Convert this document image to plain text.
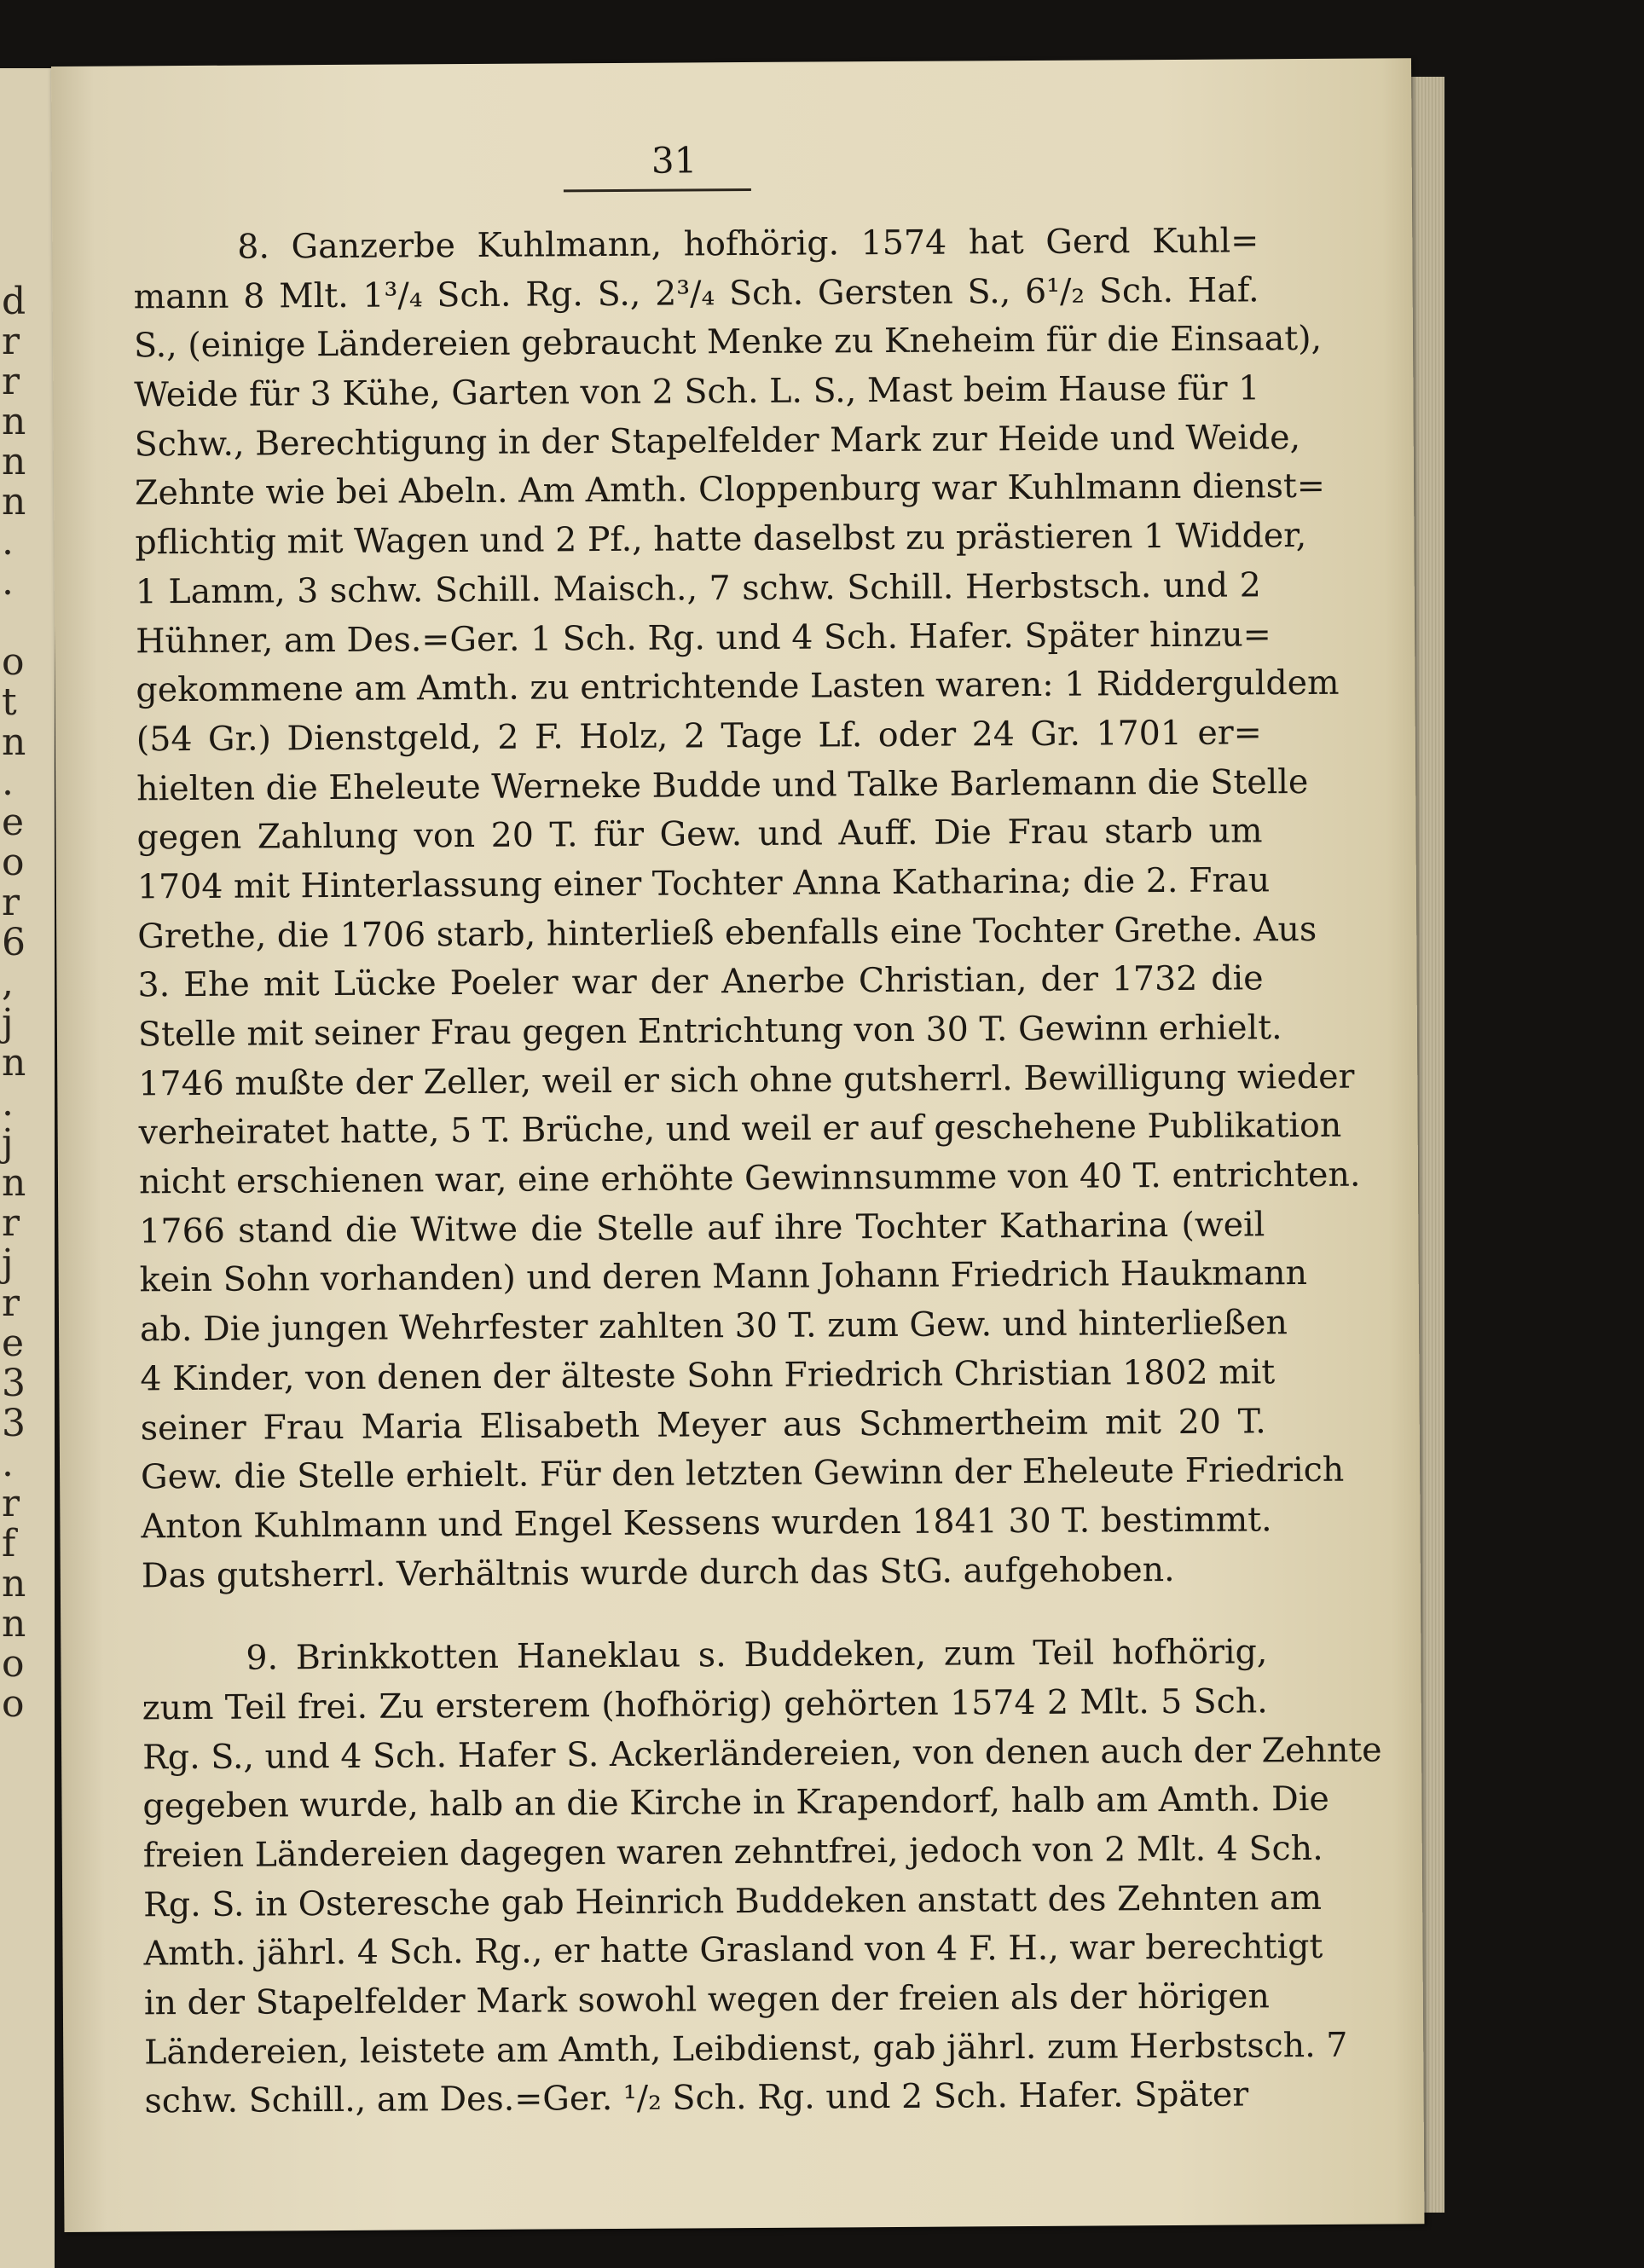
d
r
r
n
n
n
.
.
o
t
n
.
e
o
r
6
,
j
n
.
j
n
r
j
r
e
3
3
.
r
f
n
n
o
o
31
8. Ganzerbe Kuhlmann, hofhörig. 1574 hat Gerd Kuhl=
mann 8 Mlt. 1³/₄ Sch. Rg. S., 2³/₄ Sch. Gersten S., 6¹/₂ Sch. Haf.
S., (einige Ländereien gebraucht Menke zu Kneheim für die Einsaat),
Weide für 3 Kühe, Garten von 2 Sch. L. S., Mast beim Hause für 1
Schw., Berechtigung in der Stapelfelder Mark zur Heide und Weide,
Zehnte wie bei Abeln. Am Amth. Cloppenburg war Kuhlmann dienst=
pflichtig mit Wagen und 2 Pf., hatte daselbst zu prästieren 1 Widder,
1 Lamm, 3 schw. Schill. Maisch., 7 schw. Schill. Herbstsch. und 2
Hühner, am Des.=Ger. 1 Sch. Rg. und 4 Sch. Hafer. Später hinzu=
gekommene am Amth. zu entrichtende Lasten waren: 1 Ridderguldem
(54 Gr.) Dienstgeld, 2 F. Holz, 2 Tage Lf. oder 24 Gr. 1701 er=
hielten die Eheleute Werneke Budde und Talke Barlemann die Stelle
gegen Zahlung von 20 T. für Gew. und Auff. Die Frau starb um
1704 mit Hinterlassung einer Tochter Anna Katharina; die 2. Frau
Grethe, die 1706 starb, hinterließ ebenfalls eine Tochter Grethe. Aus
3. Ehe mit Lücke Poeler war der Anerbe Christian, der 1732 die
Stelle mit seiner Frau gegen Entrichtung von 30 T. Gewinn erhielt.
1746 mußte der Zeller, weil er sich ohne gutsherrl. Bewilligung wieder
verheiratet hatte, 5 T. Brüche, und weil er auf geschehene Publikation
nicht erschienen war, eine erhöhte Gewinnsumme von 40 T. entrichten.
1766 stand die Witwe die Stelle auf ihre Tochter Katharina (weil
kein Sohn vorhanden) und deren Mann Johann Friedrich Haukmann
ab. Die jungen Wehrfester zahlten 30 T. zum Gew. und hinterließen
4 Kinder, von denen der älteste Sohn Friedrich Christian 1802 mit
seiner Frau Maria Elisabeth Meyer aus Schmertheim mit 20 T.
Gew. die Stelle erhielt. Für den letzten Gewinn der Eheleute Friedrich
Anton Kuhlmann und Engel Kessens wurden 1841 30 T. bestimmt.
Das gutsherrl. Verhältnis wurde durch das StG. aufgehoben.
9. Brinkkotten Haneklau s. Buddeken, zum Teil hofhörig,
zum Teil frei. Zu ersterem (hofhörig) gehörten 1574 2 Mlt. 5 Sch.
Rg. S., und 4 Sch. Hafer S. Ackerländereien, von denen auch der Zehnte
gegeben wurde, halb an die Kirche in Krapendorf, halb am Amth. Die
freien Ländereien dagegen waren zehntfrei, jedoch von 2 Mlt. 4 Sch.
Rg. S. in Ostereschе gab Heinrich Buddeken anstatt des Zehnten am
Amth. jährl. 4 Sch. Rg., er hatte Grasland von 4 F. H., war berechtigt
in der Stapelfelder Mark sowohl wegen der freien als der hörigen
Ländereien, leistete am Amth, Leibdienst, gab jährl. zum Herbstsch. 7
schw. Schill., am Des.=Ger. ¹/₂ Sch. Rg. und 2 Sch. Hafer. Später
